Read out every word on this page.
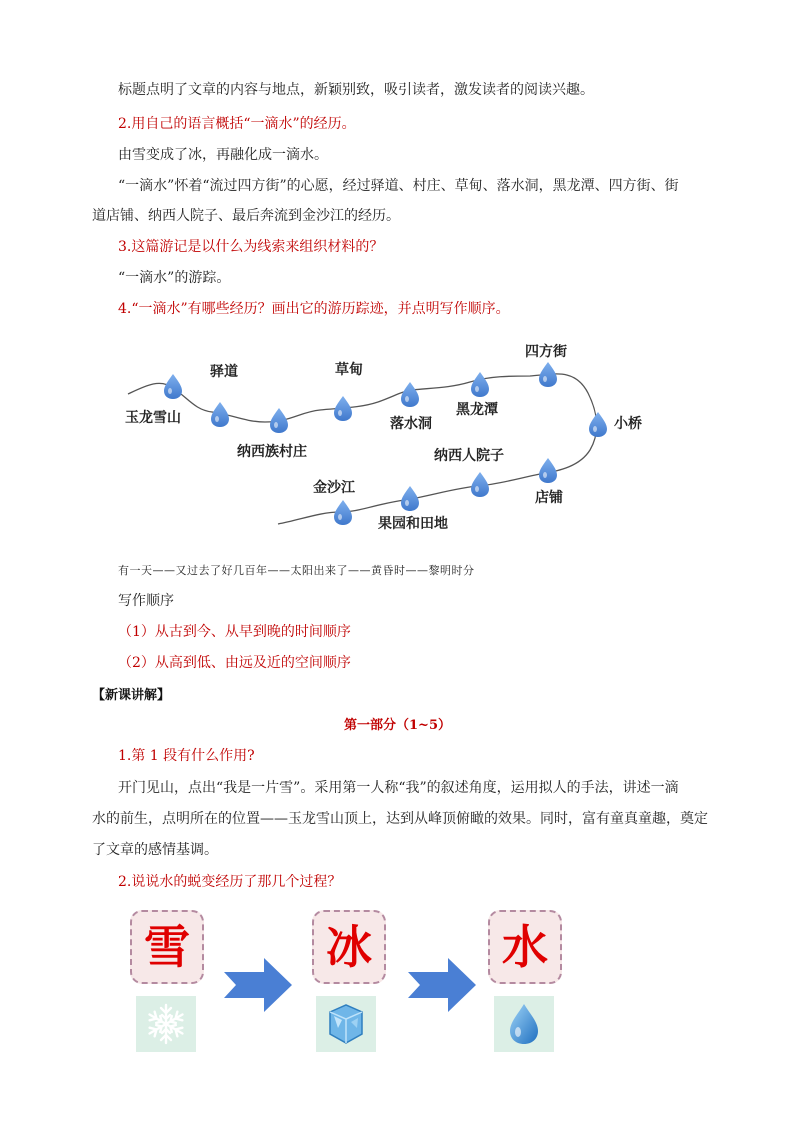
标题点明了文章的内容与地点，新颖别致，吸引读者，激发读者的阅读兴趣。
2.用自己的语言概括“一滴水”的经历。
由雪变成了冰，再融化成一滴水。
“一滴水”怀着“流过四方街”的心愿，经过驿道、村庄、草甸、落水洞，黑龙潭、四方街、街
道店铺、纳西人院子、最后奔流到金沙江的经历。
3.这篇游记是以什么为线索来组织材料的？
“一滴水”的游踪。
4.“一滴水”有哪些经历？画出它的游历踪迹，并点明写作顺序。
玉龙雪山
驿道
纳西族村庄
草甸
落水洞
黑龙潭
四方街
小桥
纳西人院子
店铺
金沙江
果园和田地
有一天——又过去了好几百年——太阳出来了——黄昏时——黎明时分
写作顺序
（1）从古到今、从早到晚的时间顺序
（2）从高到低、由远及近的空间顺序
【新课讲解】
第一部分（1~5）
1.第 1 段有什么作用?
开门见山，点出“我是一片雪”。采用第一人称“我”的叙述角度，运用拟人的手法，讲述一滴
水的前生，点明所在的位置——玉龙雪山顶上，达到从峰顶俯瞰的效果。同时，富有童真童趣，奠定
了文章的感情基调。
2.说说水的蜕变经历了那几个过程？
雪	冰	水
